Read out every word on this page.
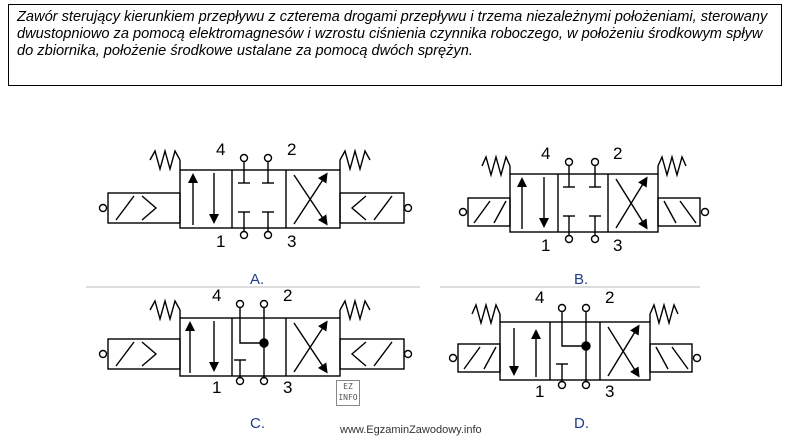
Zawór sterujący kierunkiem przepływu z czterema drogami przepływu i trzema niezależnymi położeniami, sterowany dwustopniowo za pomocą elektromagnesów i wzrostu ciśnienia czynnika roboczego, w położeniu środkowym spływ do zbiornika, położenie środkowe ustalane za pomocą dwóch sprężyn.

4	2
1	3
A.
4	2
1	3
B.
4	2
1	3
C.
4	2
1	3
D.
EZ INFO
www.EgzaminZawodowy.info
